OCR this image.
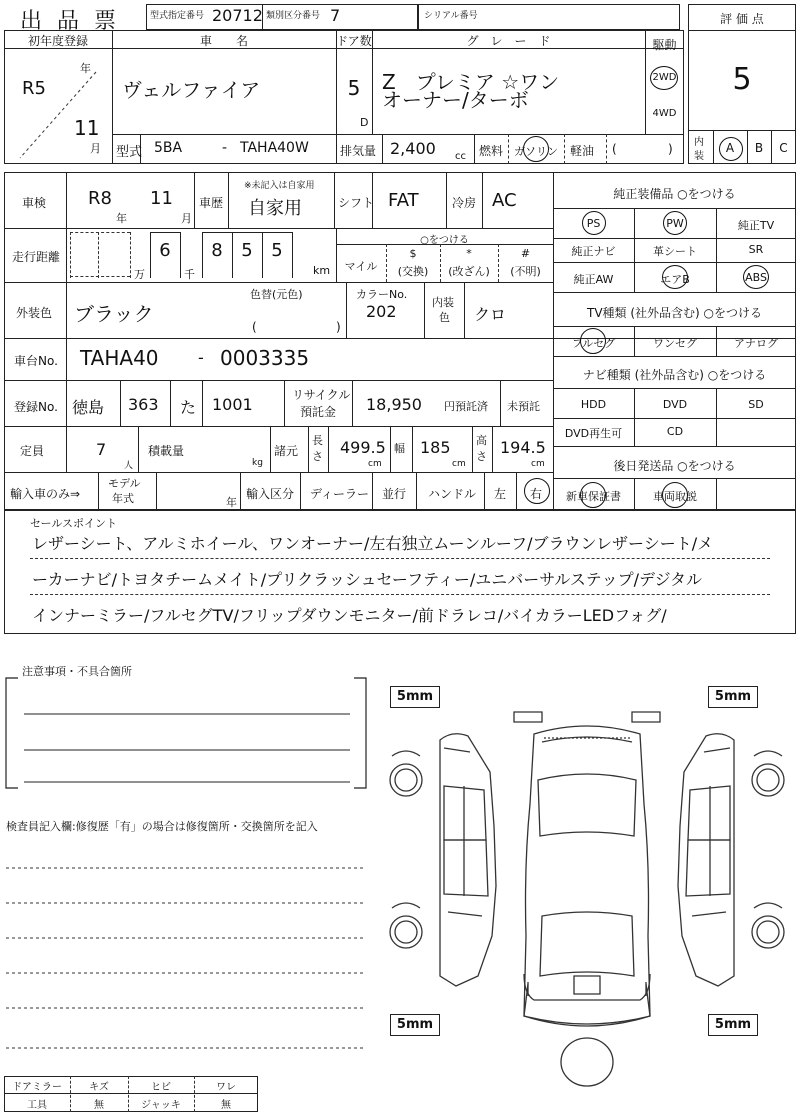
出 品 票	型式指定番号 20712 類別区分番号 7	シリアル番号	評 価 点
5
内
装
A	B	C
初年度登録
R5
年
11
月
車　　名
ヴェルファイア
型式 5BA	- TAHA40W
ドア数
5
D
グ　レ　ー　ド
Z　プレミア ☆ワン
オーナー/ターボ
駆動
2WD
4WD
排気量 2,400 cc 燃料 ガソリン 軽油 (	)
車検 R8
年
11
月
車歴
※未記入は自家用
自家用	シフト FAT	冷房 AC
走行距離
万
6
千
8	5	5
km
○をつける
マイル
$
(交換)
*
(改ざん)
#
(不明)
純正装備品 ○をつける
PS	PW	純正TV
純正ナビ	革シート	SR
純正AW	エアB	ABS
TV種類 (社外品含む) ○をつける
フルセグ	ワンセグ	アナログ
ナビ種類 (社外品含む) ○をつける
HDD	DVD	SD
DVD再生可	CD
後日発送品 ○をつける
新車保証書	車両取説
外装色 ブラック
色替(元色)
(	)
カラーNo.
202	内装
色 クロ
車台No. TAHA40 - 0003335
登録No. 徳島 363 た 1001	リサイクル
預託金 18,950 円預託済 未預託
定員	7
人
積載量
kg
諸元
長
さ 499.5
cm
幅 185
cm
高
さ 194.5
cm
輸入車のみ⇒
モデル
年式	年
輸入区分 ディーラー 並行 ハンドル 左 右
セールスポイント
レザーシート、アルミホイール、ワンオーナー/左右独立ムーンルーフ/ブラウンレザーシート/メ
ーカーナビ/トヨタチームメイト/プリクラッシュセーフティー/ユニバーサルステップ/デジタル
インナーミラー/フルセグTV/フリップダウンモニター/前ドラレコ/バイカラーLEDフォグ/
注意事項・不具合箇所
検査員記入欄:修復歴「有」の場合は修復箇所・交換箇所を記入
ドアミラー	キズ	ヒビ	ワレ
工具	無	ジャッキ	無
5mm	5mm
5mm	5mm
